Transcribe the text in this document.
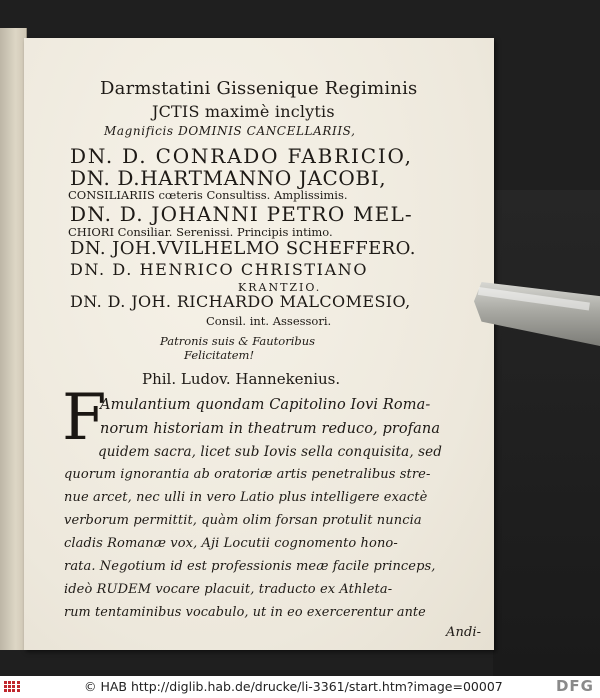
Darmstatini Gissenique Regiminis
JCTIS maximè inclytis
Magnificis DOMINIS CANCELLARIIS,
DN. D. CONRADO FABRICIO,
DN. D.HARTMANNO JACOBI,
CONSILIARIIS cœteris Consultiss. Amplissimis.
DN. D. JOHANNI PETRO MEL-
CHIORI Consiliar. Serenissi. Principis intimo.
DN. JOH.VVILHELMO SCHEFFERO.
DN. D. HENRICO CHRISTIANO
KRANTZIO.
DN. D. JOH. RICHARDO MALCOMESIO,
Consil. int. Assessori.
Patronis suis & Fautoribus
Felicitatem!
Phil. Ludov. Hannekenius.
F
Amulantium quondam Capitolino Iovi Roma-
norum historiam in theatrum reduco, profana
quidem sacra, licet sub Iovis sella conquisita, sed
quorum ignorantia ab oratoriæ artis penetralibus stre-
nue arcet, nec ulli in vero Latio plus intelligere exactè
verborum permittit, quàm olim forsan protulit nuncia
cladis Romanæ vox, Aji Locutii cognomento hono-
rata. Negotium id est professionis meæ facile princeps,
ideò RUDEM vocare placuit, traducto ex Athleta-
rum tentaminibus vocabulo, ut in eo exercerentur ante
Andi-
© HAB http://diglib.hab.de/drucke/li-3361/start.htm?image=00007	DFG
